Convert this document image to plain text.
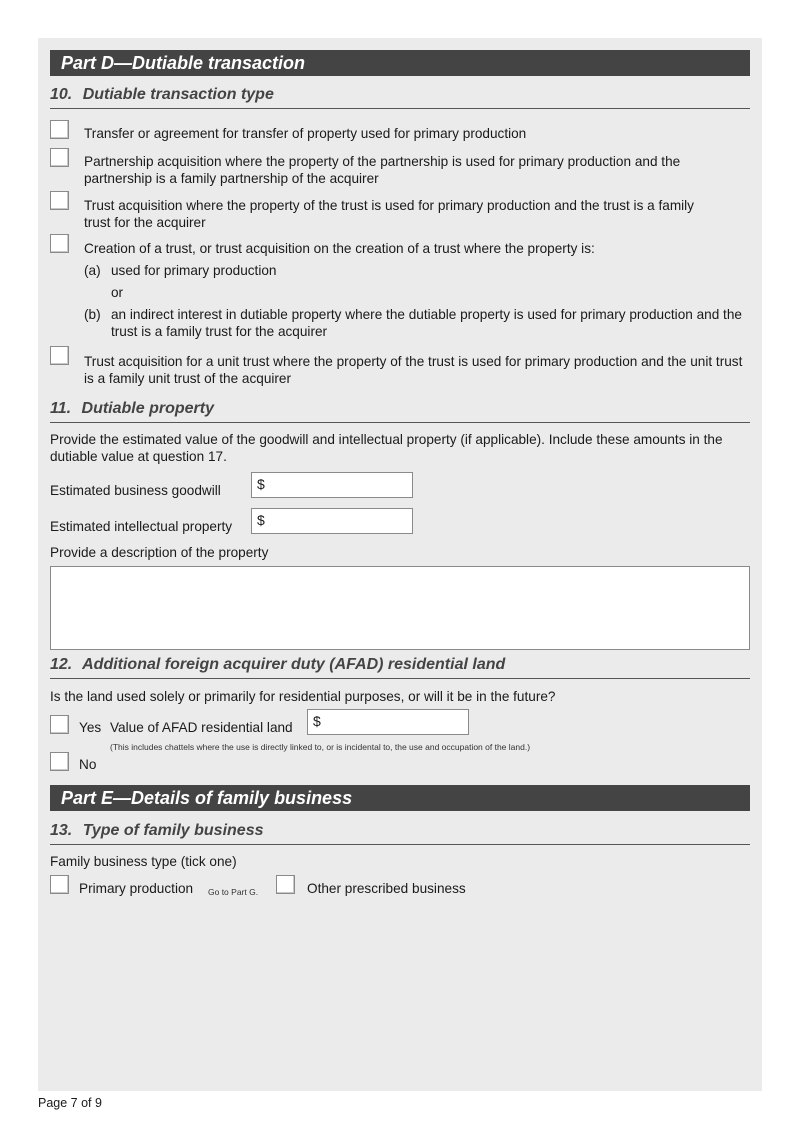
Part D—Dutiable transaction
10. Dutiable transaction type
Transfer or agreement for transfer of property used for primary production
Partnership acquisition where the property of the partnership is used for primary production and the partnership is a family partnership of the acquirer
Trust acquisition where the property of the trust is used for primary production and the trust is a family trust for the acquirer
Creation of a trust, or trust acquisition on the creation of a trust where the property is:
(a) used for primary production
or
(b) an indirect interest in dutiable property where the dutiable property is used for primary production and the trust is a family trust for the acquirer
Trust acquisition for a unit trust where the property of the trust is used for primary production and the unit trust is a family unit trust of the acquirer
11. Dutiable property
Provide the estimated value of the goodwill and intellectual property (if applicable). Include these amounts in the dutiable value at question 17.
Estimated business goodwill	$
Estimated intellectual property	$
Provide a description of the property
12. Additional foreign acquirer duty (AFAD) residential land
Is the land used solely or primarily for residential purposes, or will it be in the future?
Yes Value of AFAD residential land	$
(This includes chattels where the use is directly linked to, or is incidental to, the use and occupation of the land.)
No
Part E—Details of family business
13. Type of family business
Family business type (tick one)
Primary production Go to Part G.	Other prescribed business
Page 7 of 9
